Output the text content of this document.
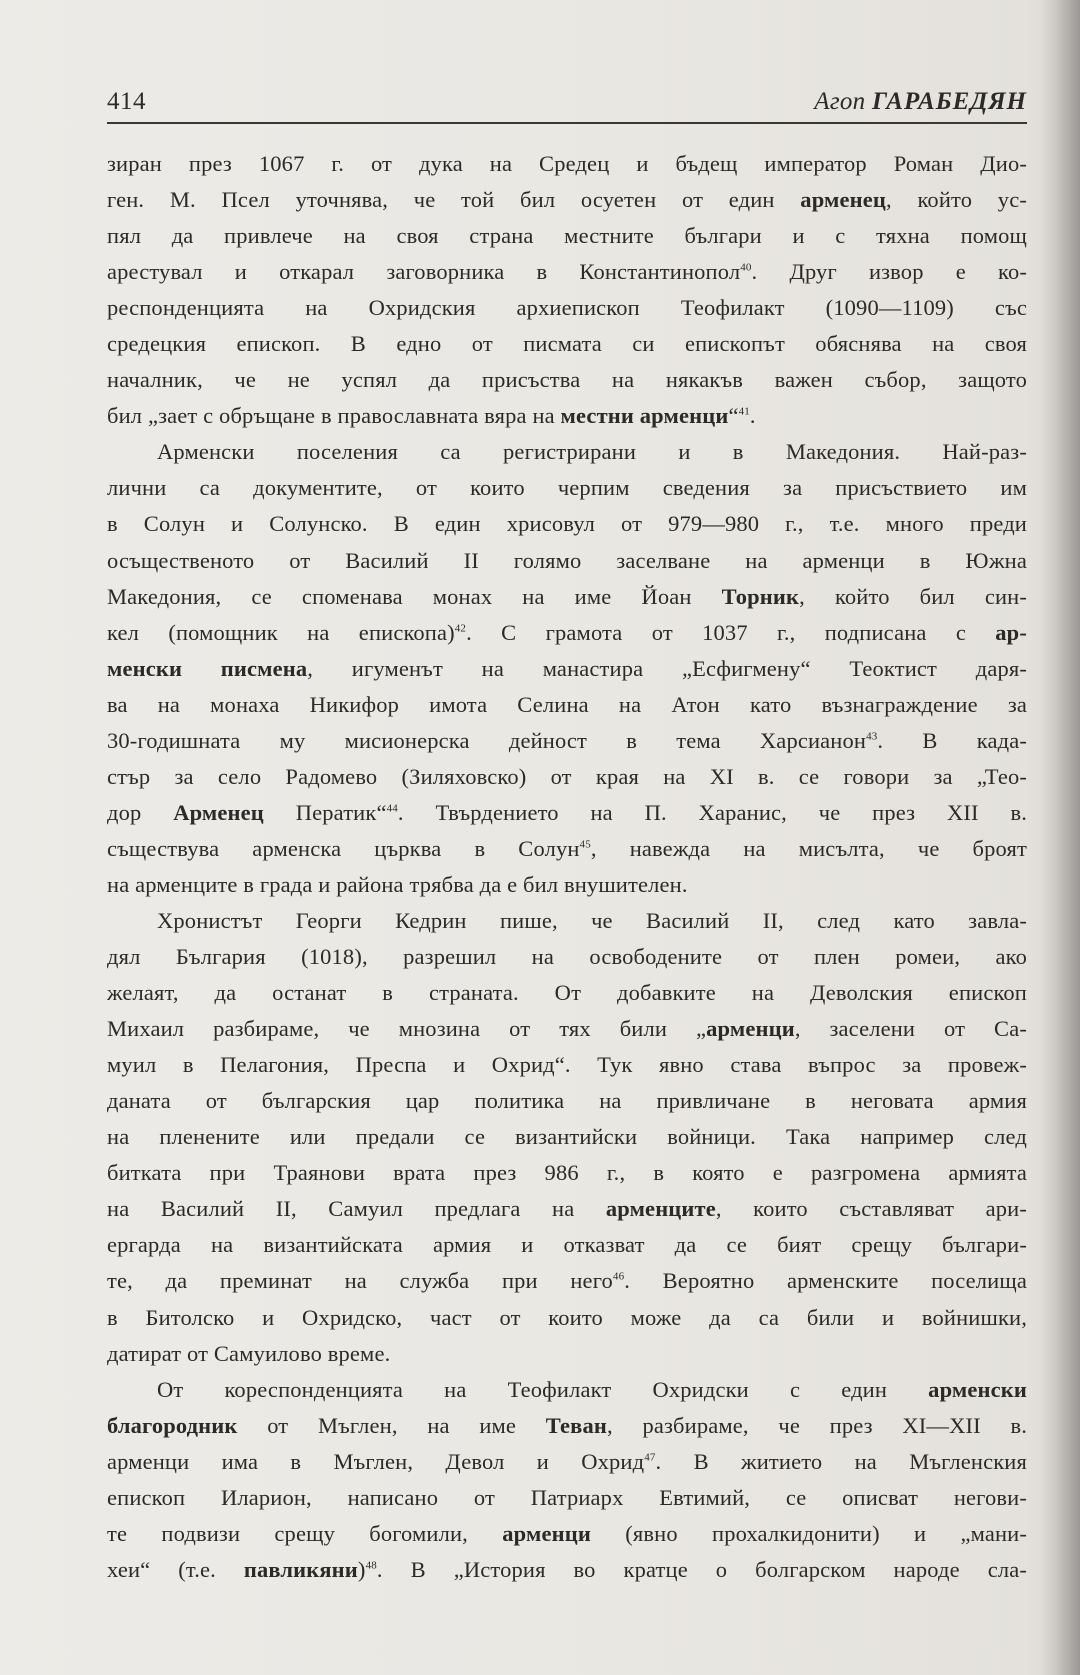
414	Агоп ГАРАБЕДЯН
зиран през 1067 г. от дука на Средец и бъдещ император Роман Дио-
ген. М. Псел уточнява, че той бил осуетен от един арменец, който ус-
пял да привлече на своя страна местните българи и с тяхна помощ
арестувал и откарал заговорника в Константинопол$^{40}$. Друг извор е ко-
респонденцията на Охридския архиепископ Теофилакт (1090—1109) със
средецкия епископ. В едно от писмата си епископът обяснява на своя
началник, че не успял да присъства на някакъв важен събор, защото
бил „зает с обръщане в православната вяра на местни арменци“$^{41}$.
Арменски поселения са регистрирани и в Македония. Най-раз-
лични са документите, от които черпим сведения за присъствието им
в Солун и Солунско. В един хрисовул от 979—980 г., т.е. много преди
осъщественото от Василий II голямо заселване на арменци в Южна
Македония, се споменава монах на име Йоан Торник, който бил син-
кел (помощник на епископа)$^{42}$. С грамота от 1037 г., подписана с ар-
менски писмена, игуменът на манастира „Есфигмену“ Теоктист даря-
ва на монаха Никифор имота Селина на Атон като възнаграждение за
30-годишната му мисионерска дейност в тема Харсианон$^{43}$. В када-
стър за село Радомево (Зиляховско) от края на XI в. се говори за „Тео-
дор Арменец Ператик“$^{44}$. Твърдението на П. Харанис, че през XII в.
съществува арменска църква в Солун$^{45}$, навежда на мисълта, че броят
на арменците в града и района трябва да е бил внушителен.
Хронистът Георги Кедрин пише, че Василий II, след като завла-
дял България (1018), разрешил на освободените от плен ромеи, ако
желаят, да останат в страната. От добавките на Деволския епископ
Михаил разбираме, че мнозина от тях били „арменци, заселени от Са-
муил в Пелагония, Преспа и Охрид“. Тук явно става въпрос за провеж-
даната от българския цар политика на привличане в неговата армия
на пленените или предали се византийски войници. Така например след
битката при Траянови врата през 986 г., в която е разгромена армията
на Василий II, Самуил предлага на арменците, които съставляват ари-
ергарда на византийската армия и отказват да се бият срещу българи-
те, да преминат на служба при него$^{46}$. Вероятно арменските поселища
в Битолско и Охридско, част от които може да са били и войнишки,
датират от Самуилово време.
От кореспонденцията на Теофилакт Охридски с един арменски
благородник от Мъглен, на име Теван, разбираме, че през XI—XII в.
арменци има в Мъглен, Девол и Охрид$^{47}$. В житието на Мъгленския
епископ Иларион, написано от Патриарх Евтимий, се описват негови-
те подвизи срещу богомили, арменци (явно прохалкидонити) и „мани-
хеи“ (т.е. павликяни)$^{48}$. В „История во кратце о болгарском народе сла-
